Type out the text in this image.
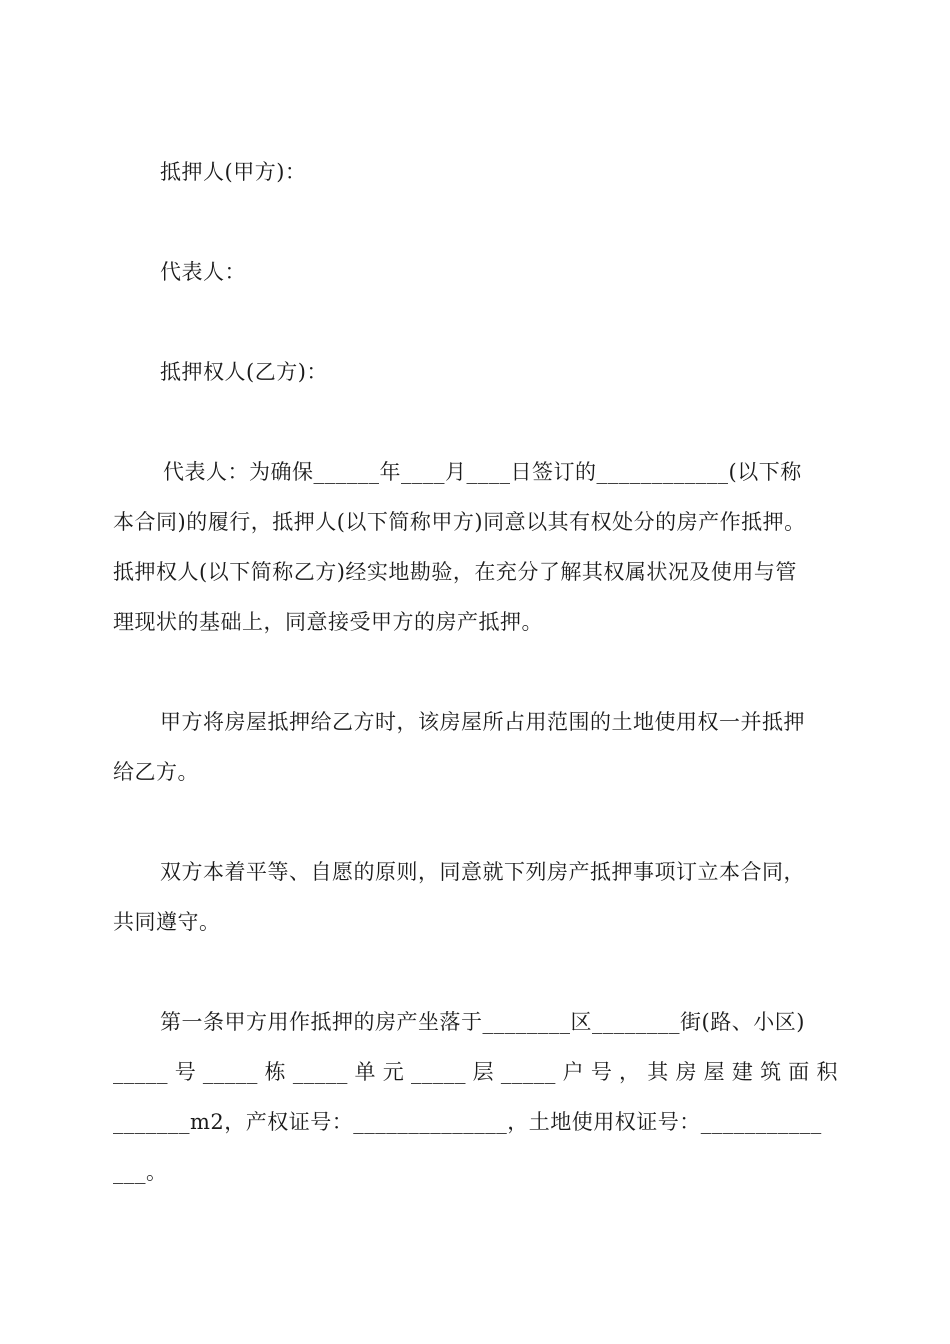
抵押人(甲方)：
代表人：
抵押权人(乙方)：
代表人：为确保______年____月____日签订的____________(以下称
本合同)的履行，抵押人(以下简称甲方)同意以其有权处分的房产作抵押。
抵押权人(以下简称乙方)经实地勘验，在充分了解其权属状况及使用与管
理现状的基础上，同意接受甲方的房产抵押。
甲方将房屋抵押给乙方时，该房屋所占用范围的土地使用权一并抵押
给乙方。
双方本着平等、自愿的原则，同意就下列房产抵押事项订立本合同，
共同遵守。
第一条甲方用作抵押的房产坐落于________区________街(路、小区)
_____号_____栋_____单元_____层_____户号，其房屋建筑面积
_______m2，产权证号：______________，土地使用权证号：___________
___。
